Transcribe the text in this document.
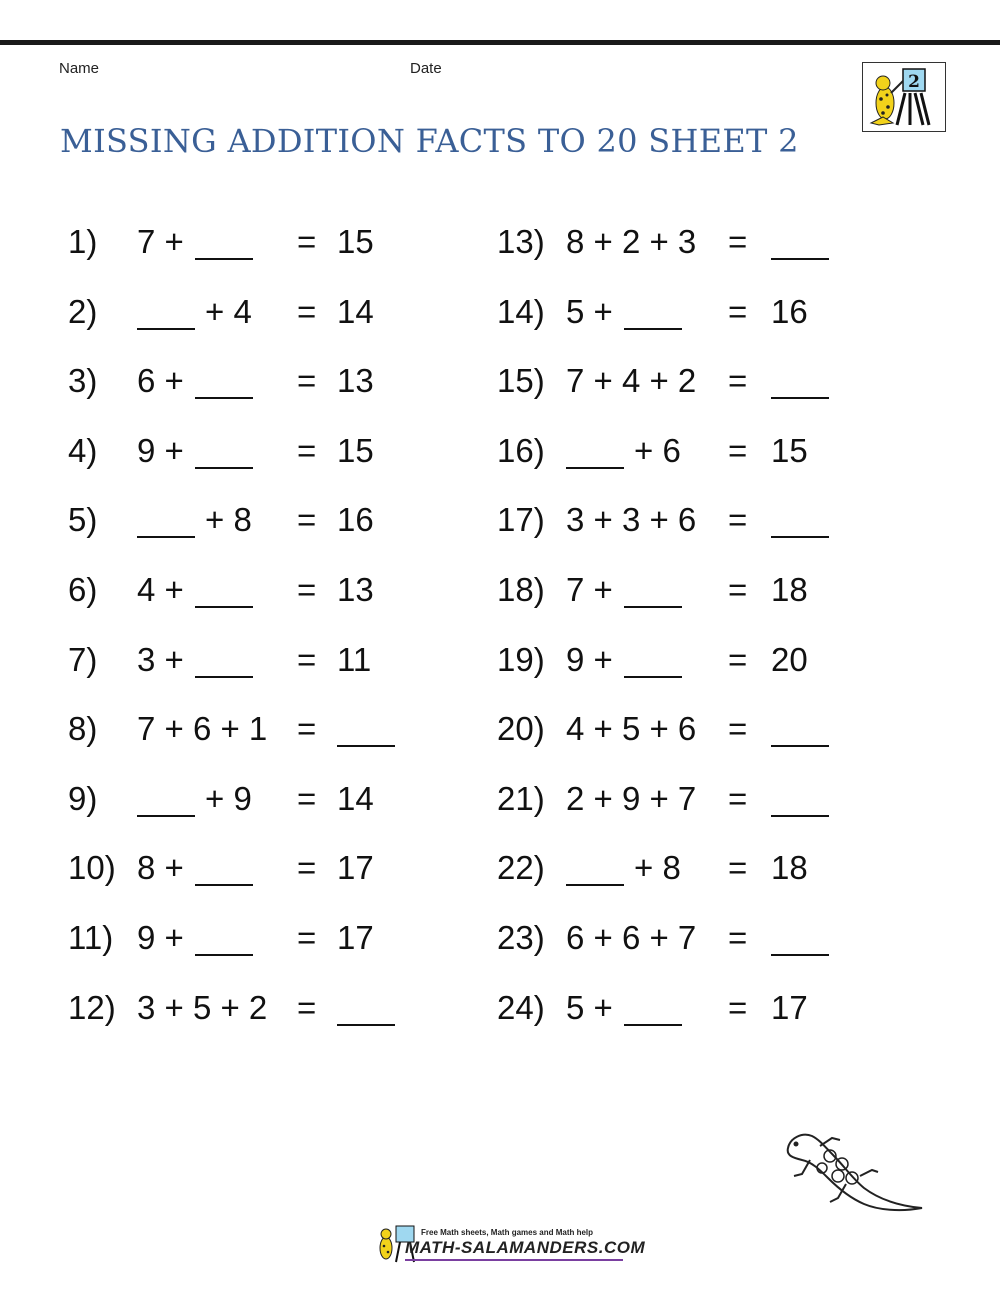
Name	Date
2
MISSING ADDITION FACTS TO 20 SHEET 2
1) 7 +	= 15
2)	+ 4 = 14
3) 6 +	= 13
4) 9 +	= 15
5)	+ 8 = 16
6) 4 +	= 13
7) 3 +	= 11
8) 7 + 6 + 1 =
9)	+ 9 = 14
10) 8 +	= 17
11) 9 +	= 17
12) 3 + 5 + 2 =
13) 8 + 2 + 3 =
14) 5 +	= 16
15) 7 + 4 + 2 =
16)	+ 6 = 15
17) 3 + 3 + 6 =
18) 7 +	= 18
19) 9 +	= 20
20) 4 + 5 + 6 =
21) 2 + 9 + 7 =
22)	+ 8 = 18
23) 6 + 6 + 7 =
24) 5 +	= 17
Free Math sheets, Math games and Math help
MATH-SALAMANDERS.COM
